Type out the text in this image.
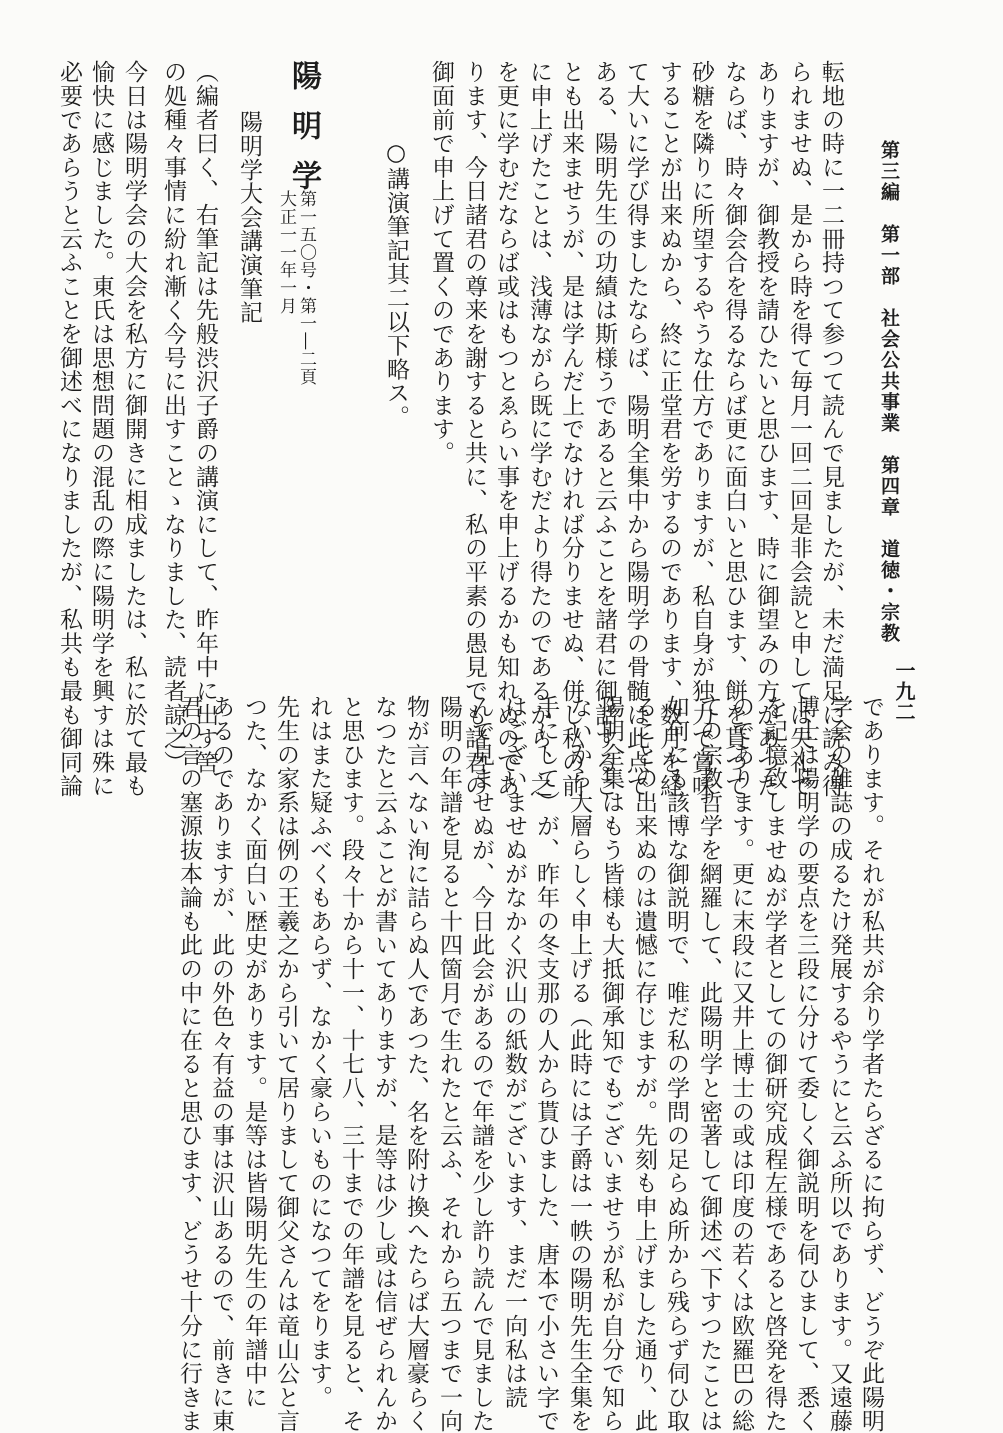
第三編　第一部　社会公共事業　第四章　道徳・宗教
一九二
転地の時に一二冊持つて参つて読んで見ましたが、未だ満足に読み得
られませぬ、是から時を得て毎月一回二回是非会読と申しては失礼で
ありますが、御教授を請ひたいと思ひます、時に御望みの方があつた
ならば、時々御会合を得るならば更に面白いと思ひます、餅を貰つて
砂糖を隣りに所望するやうな仕方でありますが、私自身が独力で賞味
することが出来ぬから、終に正堂君を労するのであります、数月を経
て大いに学び得ましたならば、陽明全集中から陽明学の骨髄は此点で
ある、陽明先生の功績は斯様うであると云ふことを諸君に御話するこ
とも出来ませうが、是は学んだ上でなければ分りませぬ、併し私の前
に申上げたことは、浅薄ながら既に学むだより得たのであるから、之
を更に学むだならば或はもつとゑらい事を申上げるかも知れぬのであ
ります、今日諸君の尊来を謝すると共に、私の平素の愚見でも諸君の
御面前で申上げて置くのであります。
○講演筆記其二以下略ス。
陽明学
第一五〇号・第一―二頁
大正一一年一月
陽明学大会講演筆記
（編者曰く、右筆記は先般渋沢子爵の講演にして、昨年中に出す筈
の処種々事情に紛れ漸く今号に出すことゝなりました、読者諒之）
今日は陽明学会の大会を私方に御開きに相成ましたは、私に於て最も
愉快に感じました。東氏は思想問題の混乱の際に陽明学を興すは殊に
必要であらうと云ふことを御述べになりましたが、私共も最も御同論
であります。それが私共が余り学者たらざるに拘らず、どうぞ此陽明
学会の雑誌の成るたけ発展するやうにと云ふ所以であります。又遠藤
博士は陽明学の要点を三段に分けて委しく御説明を伺ひまして、悉く
を記憶致しませぬが学者としての御研究成程左様であると啓発を得た
のであります。更に末段に又井上博士の或は印度の若くは欧羅巴の総
ての宗教哲学を網羅して、此陽明学と密著して御述べ下すつたことは
如何にも該博な御説明で、唯だ私の学問の足らぬ所から残らず伺ひ取
ることの出来ぬのは遺憾に存じますが。先刻も申上げました通り、此
陽明全集はもう皆様も大抵御承知でもございませうが私が自分で知ら
ないから大層らしく申上げる（此時には子爵は一帙の陽明先生全集を
手にして）が、昨年の冬支那の人から貰ひました、唐本で小さい字で
はございませぬがなかく沢山の紙数がございます、まだ一向私は読
んで見ませぬが、今日此会があるので年譜を少し許り読んで見ました
陽明の年譜を見ると十四箇月で生れたと云ふ、それから五つまで一向
物が言へない洵に詰らぬ人であつた、名を附け換へたらば大層豪らく
なつたと云ふことが書いてありますが、是等は少し或は信ぜられんか
と思ひます。段々十から十一、十七八、三十までの年譜を見ると、そ
れはまた疑ふべくもあらず、なかく豪らいものになつてをります。
先生の家系は例の王羲之から引いて居りまして御父さんは竜山公と言
つた、なかく面白い歴史があります。是等は皆陽明先生の年譜中に
あるのでありますが、此の外色々有益の事は沢山あるので、前きに東
君の言の塞源抜本論も此の中に在ると思ひます、どうせ十分に行きま
